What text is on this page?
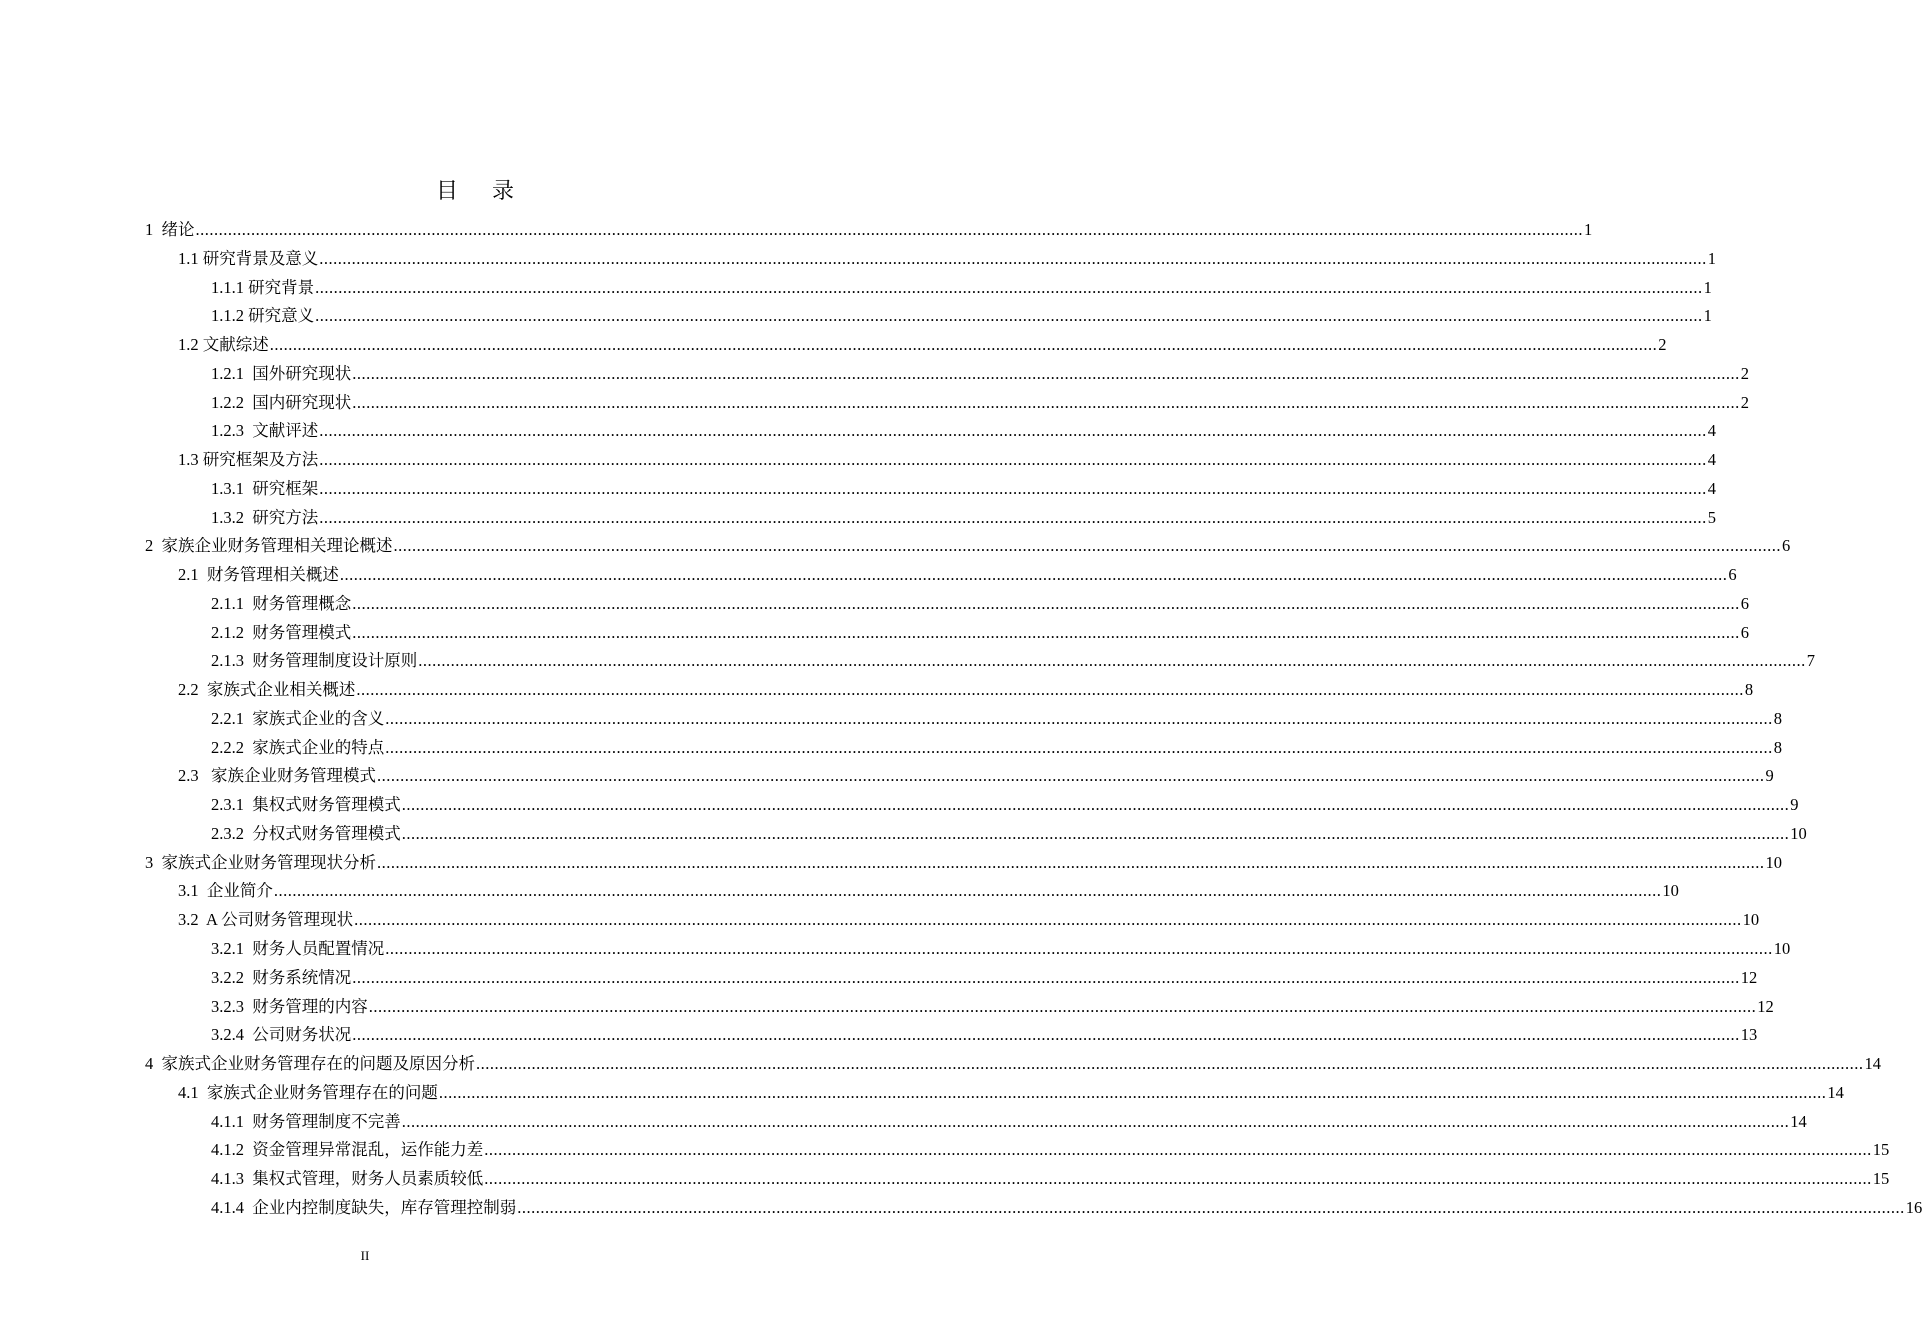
目 录
1  绪论 ............................................................................................................................................................................................................................................................................................................ 1
1.1 研究背景及意义 ............................................................................................................................................................................................................................................................................................................ 1
1.1.1 研究背景 ............................................................................................................................................................................................................................................................................................................ 1
1.1.2 研究意义 ............................................................................................................................................................................................................................................................................................................ 1
1.2 文献综述 ............................................................................................................................................................................................................................................................................................................ 2
1.2.1  国外研究现状 ............................................................................................................................................................................................................................................................................................................ 2
1.2.2  国内研究现状 ............................................................................................................................................................................................................................................................................................................ 2
1.2.3  文献评述 ............................................................................................................................................................................................................................................................................................................ 4
1.3 研究框架及方法 ............................................................................................................................................................................................................................................................................................................ 4
1.3.1  研究框架 ............................................................................................................................................................................................................................................................................................................ 4
1.3.2  研究方法 ............................................................................................................................................................................................................................................................................................................ 5
2  家族企业财务管理相关理论概述 ............................................................................................................................................................................................................................................................................................................ 6
2.1  财务管理相关概述 ............................................................................................................................................................................................................................................................................................................ 6
2.1.1  财务管理概念 ............................................................................................................................................................................................................................................................................................................ 6
2.1.2  财务管理模式 ............................................................................................................................................................................................................................................................................................................ 6
2.1.3  财务管理制度设计原则 ............................................................................................................................................................................................................................................................................................................ 7
2.2  家族式企业相关概述 ............................................................................................................................................................................................................................................................................................................ 8
2.2.1  家族式企业的含义 ............................................................................................................................................................................................................................................................................................................ 8
2.2.2  家族式企业的特点 ............................................................................................................................................................................................................................................................................................................ 8
2.3   家族企业财务管理模式 ............................................................................................................................................................................................................................................................................................................ 9
2.3.1  集权式财务管理模式 ............................................................................................................................................................................................................................................................................................................ 9
2.3.2  分权式财务管理模式 ............................................................................................................................................................................................................................................................................................................ 10
3  家族式企业财务管理现状分析 ............................................................................................................................................................................................................................................................................................................ 10
3.1  企业简介 ............................................................................................................................................................................................................................................................................................................ 10
3.2  A 公司财务管理现状 ............................................................................................................................................................................................................................................................................................................ 10
3.2.1  财务人员配置情况 ............................................................................................................................................................................................................................................................................................................ 10
3.2.2  财务系统情况 ............................................................................................................................................................................................................................................................................................................ 12
3.2.3  财务管理的内容 ............................................................................................................................................................................................................................................................................................................ 12
3.2.4  公司财务状况 ............................................................................................................................................................................................................................................................................................................ 13
4  家族式企业财务管理存在的问题及原因分析 ............................................................................................................................................................................................................................................................................................................ 14
4.1  家族式企业财务管理存在的问题 ............................................................................................................................................................................................................................................................................................................ 14
4.1.1  财务管理制度不完善 ............................................................................................................................................................................................................................................................................................................ 14
4.1.2  资金管理异常混乱，运作能力差 ............................................................................................................................................................................................................................................................................................................ 15
4.1.3  集权式管理，财务人员素质较低 ............................................................................................................................................................................................................................................................................................................ 15
4.1.4  企业内控制度缺失，库存管理控制弱 ............................................................................................................................................................................................................................................................................................................ 16
II
